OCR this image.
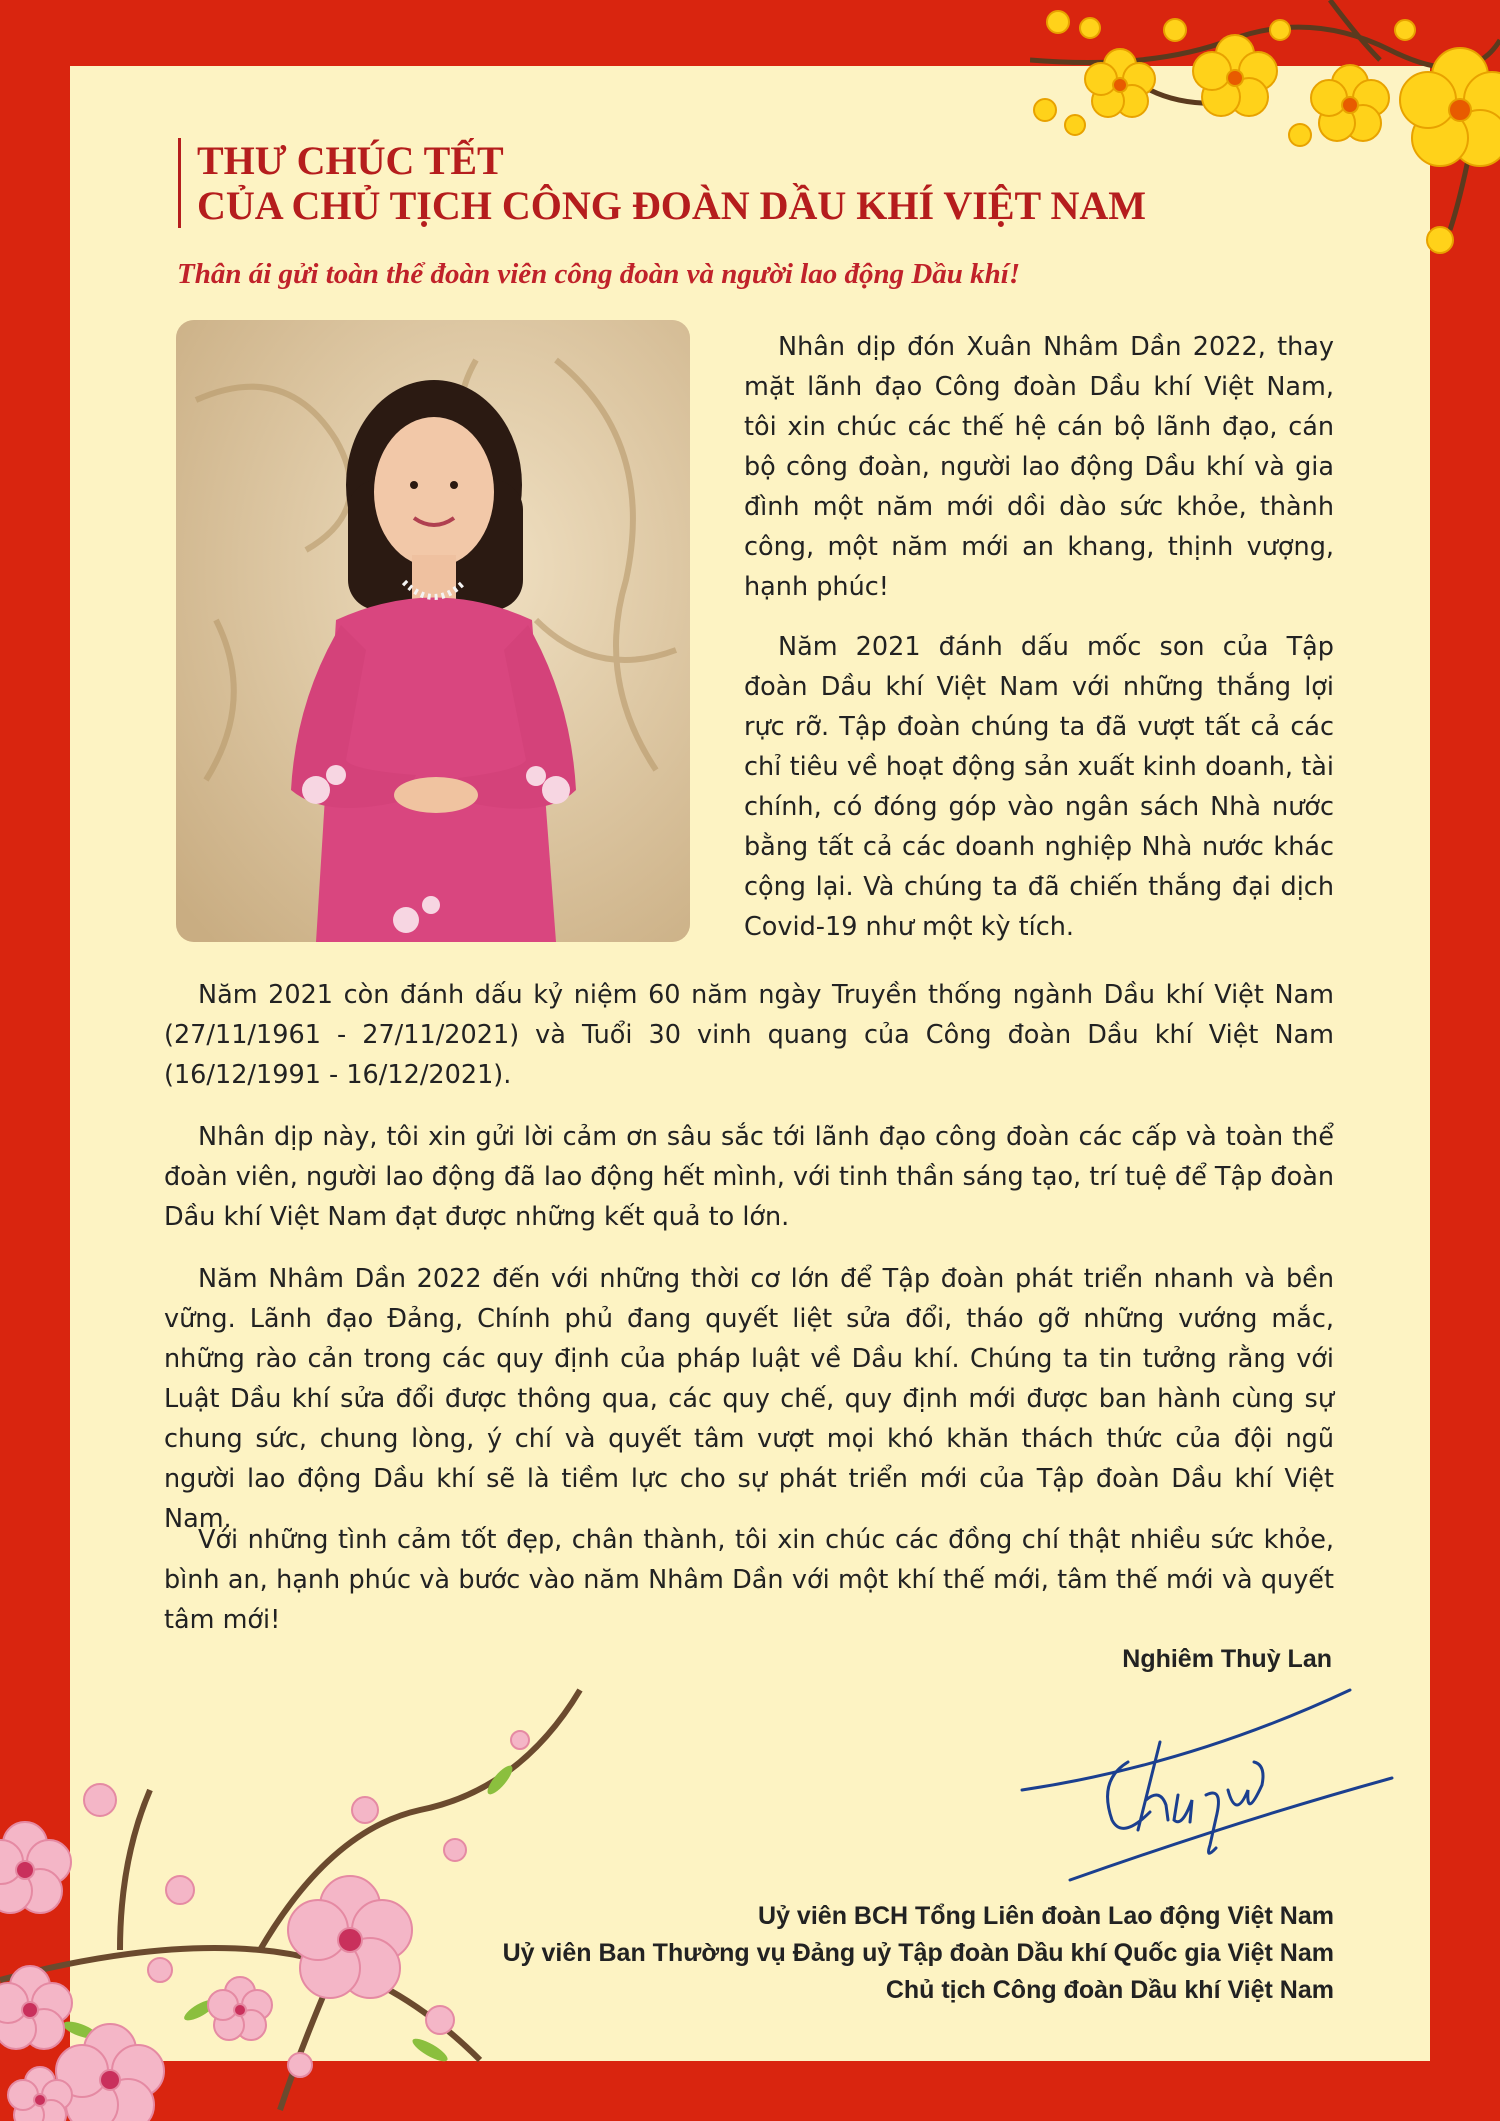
THƯ CHÚC TẾT
CỦA CHỦ TỊCH CÔNG ĐOÀN DẦU KHÍ VIỆT NAM
Thân ái gửi toàn thể đoàn viên công đoàn và người lao động Dầu khí!

Nhân dịp đón Xuân Nhâm Dần 2022, thay mặt lãnh đạo Công đoàn Dầu khí Việt Nam, tôi xin chúc các thế hệ cán bộ lãnh đạo, cán bộ công đoàn, người lao động Dầu khí và gia đình một năm mới dồi dào sức khỏe, thành công, một năm mới an khang, thịnh vượng, hạnh phúc!

Năm 2021 đánh dấu mốc son của Tập đoàn Dầu khí Việt Nam với những thắng lợi rực rỡ. Tập đoàn chúng ta đã vượt tất cả các chỉ tiêu về hoạt động sản xuất kinh doanh, tài chính, có đóng góp vào ngân sách Nhà nước bằng tất cả các doanh nghiệp Nhà nước khác cộng lại. Và chúng ta đã chiến thắng đại dịch Covid-19 như một kỳ tích.

Năm 2021 còn đánh dấu kỷ niệm 60 năm ngày Truyền thống ngành Dầu khí Việt Nam (27/11/1961 - 27/11/2021) và Tuổi 30 vinh quang của Công đoàn Dầu khí Việt Nam (16/12/1991 - 16/12/2021).

Nhân dịp này, tôi xin gửi lời cảm ơn sâu sắc tới lãnh đạo công đoàn các cấp và toàn thể đoàn viên, người lao động đã lao động hết mình, với tinh thần sáng tạo, trí tuệ để Tập đoàn Dầu khí Việt Nam đạt được những kết quả to lớn.

Năm Nhâm Dần 2022 đến với những thời cơ lớn để Tập đoàn phát triển nhanh và bền vững. Lãnh đạo Đảng, Chính phủ đang quyết liệt sửa đổi, tháo gỡ những vướng mắc, những rào cản trong các quy định của pháp luật về Dầu khí. Chúng ta tin tưởng rằng với Luật Dầu khí sửa đổi được thông qua, các quy chế, quy định mới được ban hành cùng sự chung sức, chung lòng, ý chí và quyết tâm vượt mọi khó khăn thách thức của đội ngũ người lao động Dầu khí sẽ là tiềm lực cho sự phát triển mới của Tập đoàn Dầu khí Việt Nam.

Với những tình cảm tốt đẹp, chân thành, tôi xin chúc các đồng chí thật nhiều sức khỏe, bình an, hạnh phúc và bước vào năm Nhâm Dần với một khí thế mới, tâm thế mới và quyết tâm mới!

Nghiêm Thuỳ Lan
Uỷ viên BCH Tổng Liên đoàn Lao động Việt Nam
Uỷ viên Ban Thường vụ Đảng uỷ Tập đoàn Dầu khí Quốc gia Việt Nam
Chủ tịch Công đoàn Dầu khí Việt Nam
